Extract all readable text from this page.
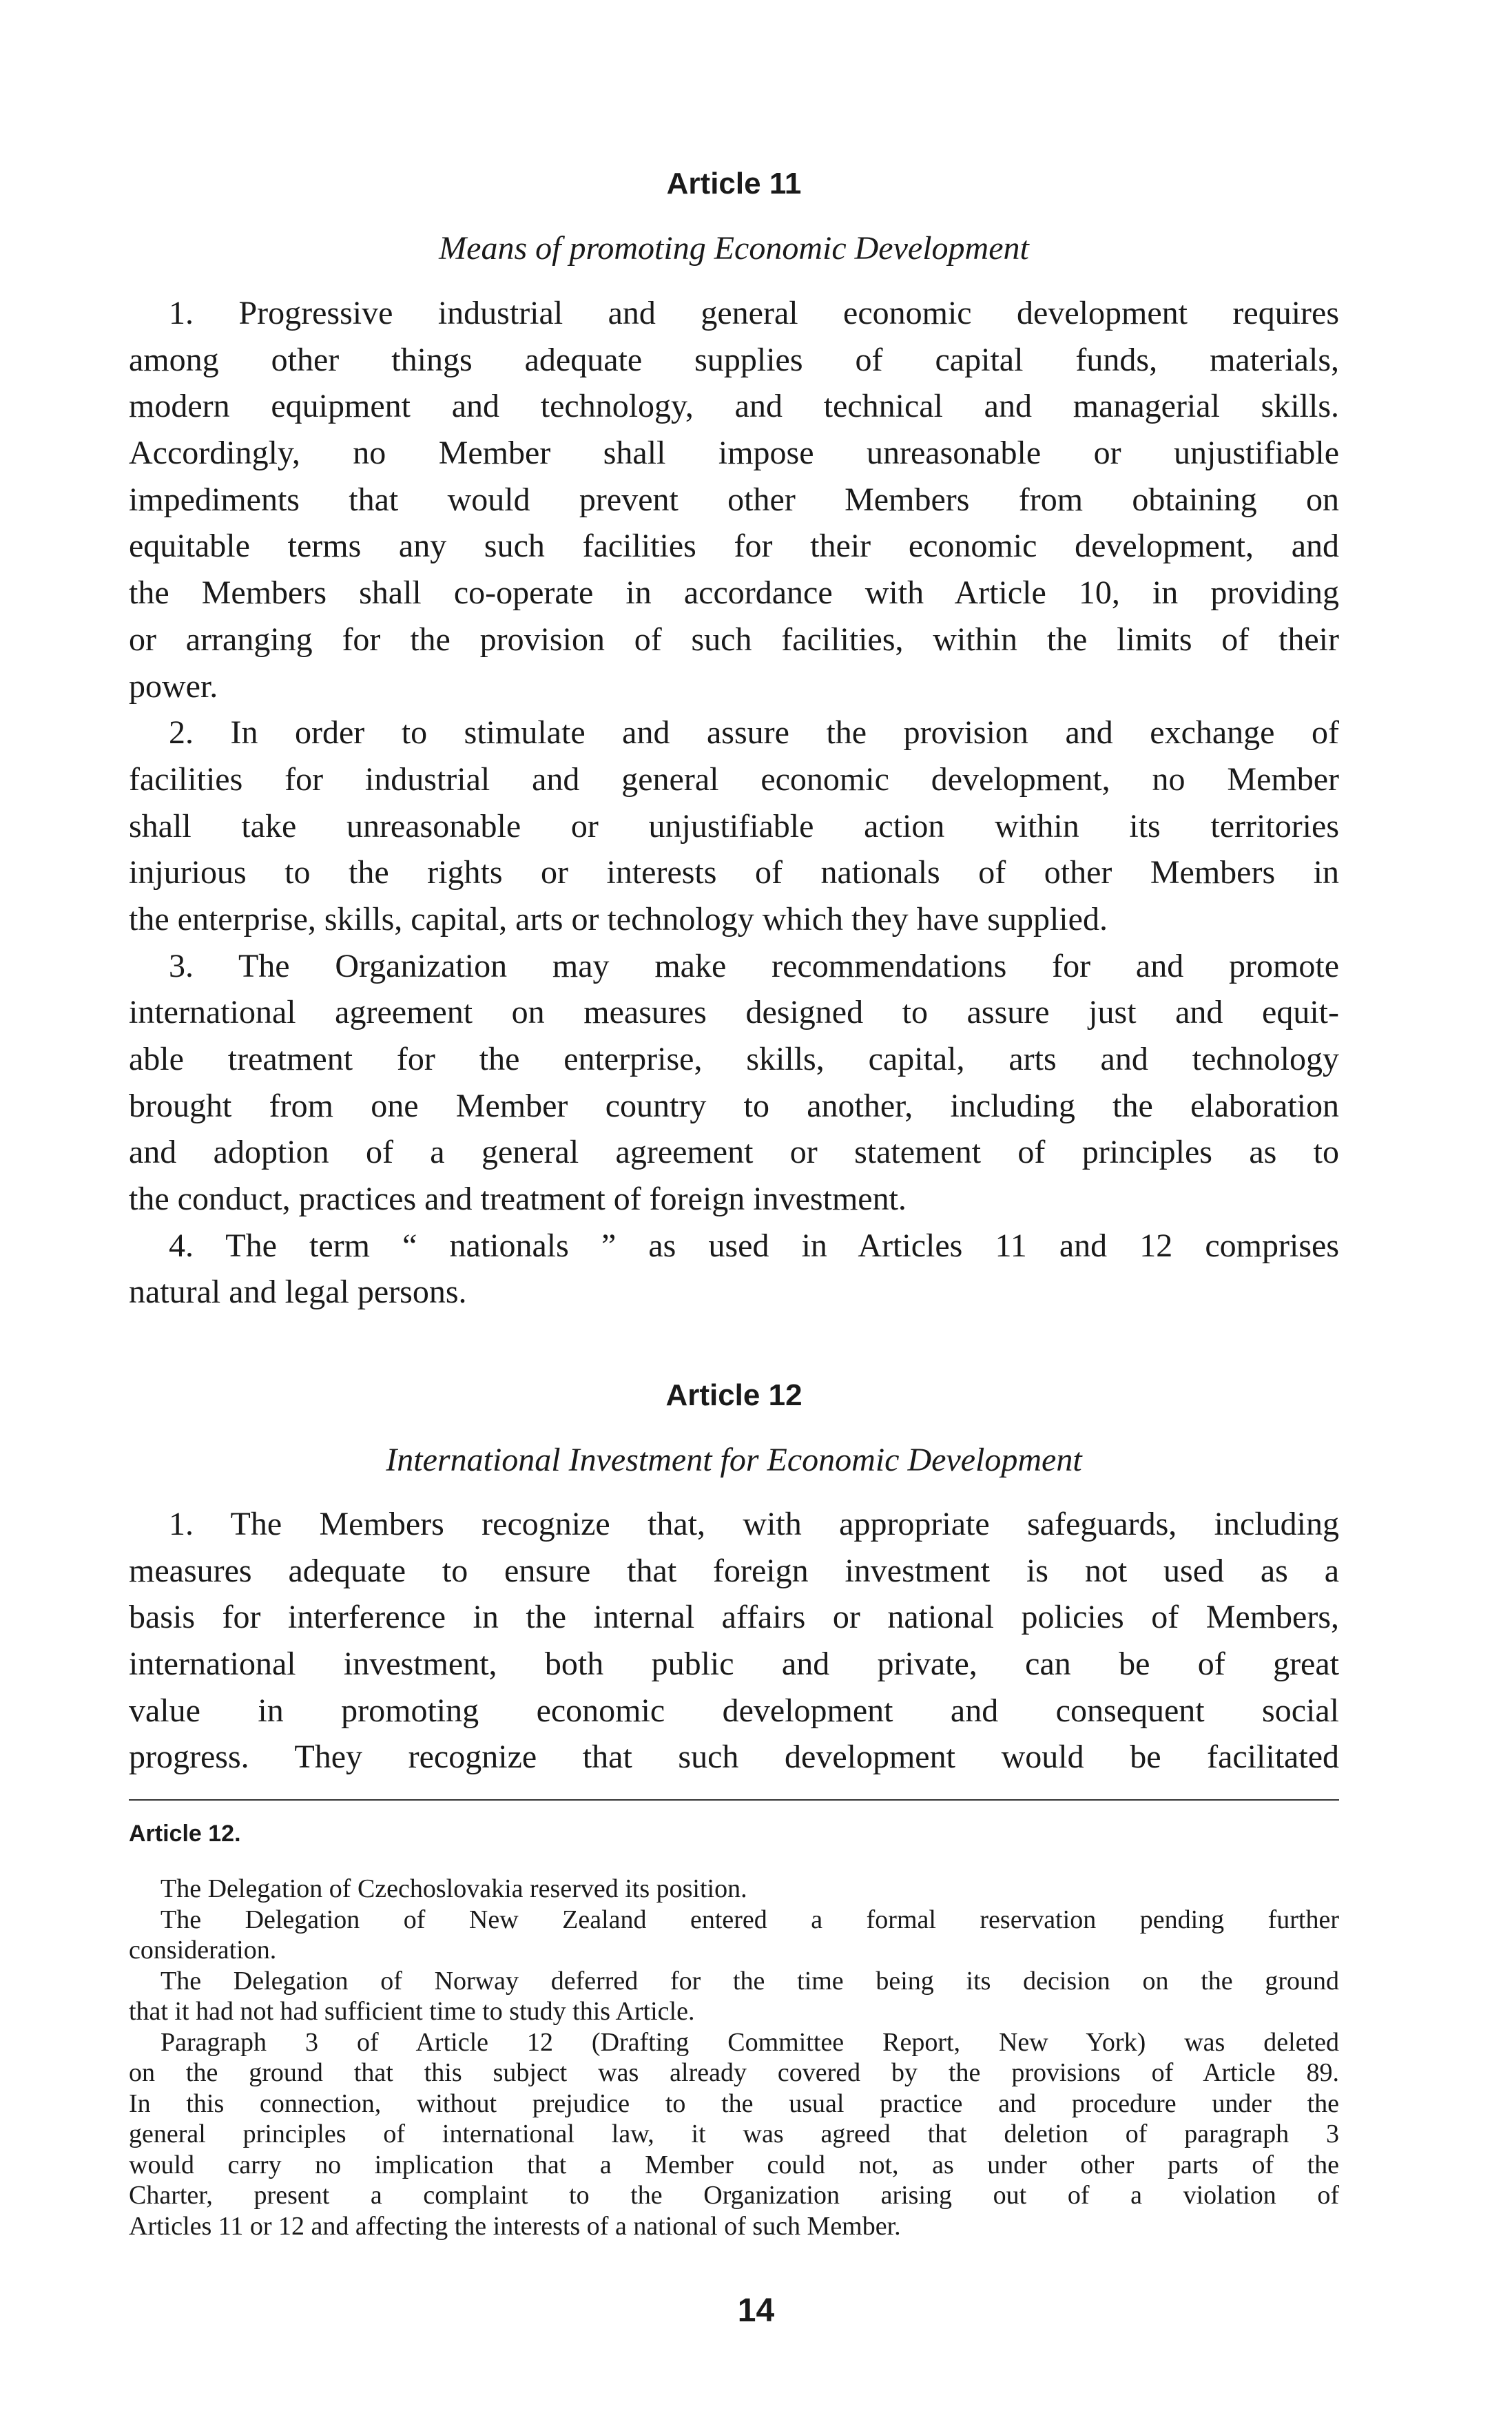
Article 11
Means of promoting Economic Development
1. Progressive industrial and general economic development requires
among other things adequate supplies of capital funds, materials,
modern equipment and technology, and technical and managerial skills.
Accordingly, no Member shall impose unreasonable or unjustifiable
impediments that would prevent other Members from obtaining on
equitable terms any such facilities for their economic development, and
the Members shall co-operate in accordance with Article 10, in providing
or arranging for the provision of such facilities, within the limits of their
power.
2. In order to stimulate and assure the provision and exchange of
facilities for industrial and general economic development, no Member
shall take unreasonable or unjustifiable action within its territories
injurious to the rights or interests of nationals of other Members in
the enterprise, skills, capital, arts or technology which they have supplied.
3. The Organization may make recommendations for and promote
international agreement on measures designed to assure just and equit-
able treatment for the enterprise, skills, capital, arts and technology
brought from one Member country to another, including the elaboration
and adoption of a general agreement or statement of principles as to
the conduct, practices and treatment of foreign investment.
4. The term “ nationals ” as used in Articles 11 and 12 comprises
natural and legal persons.
Article 12
International Investment for Economic Development
1. The Members recognize that, with appropriate safeguards, including
measures adequate to ensure that foreign investment is not used as a
basis for interference in the internal affairs or national policies of Members,
international investment, both public and private, can be of great
value in promoting economic development and consequent social
progress. They recognize that such development would be facilitated
Article 12.
The Delegation of Czechoslovakia reserved its position.
The Delegation of New Zealand entered a formal reservation pending further
consideration.
The Delegation of Norway deferred for the time being its decision on the ground
that it had not had sufficient time to study this Article.
Paragraph 3 of Article 12 (Drafting Committee Report, New York) was deleted
on the ground that this subject was already covered by the provisions of Article 89.
In this connection, without prejudice to the usual practice and procedure under the
general principles of international law, it was agreed that deletion of paragraph 3
would carry no implication that a Member could not, as under other parts of the
Charter, present a complaint to the Organization arising out of a violation of
Articles 11 or 12 and affecting the interests of a national of such Member.
14
